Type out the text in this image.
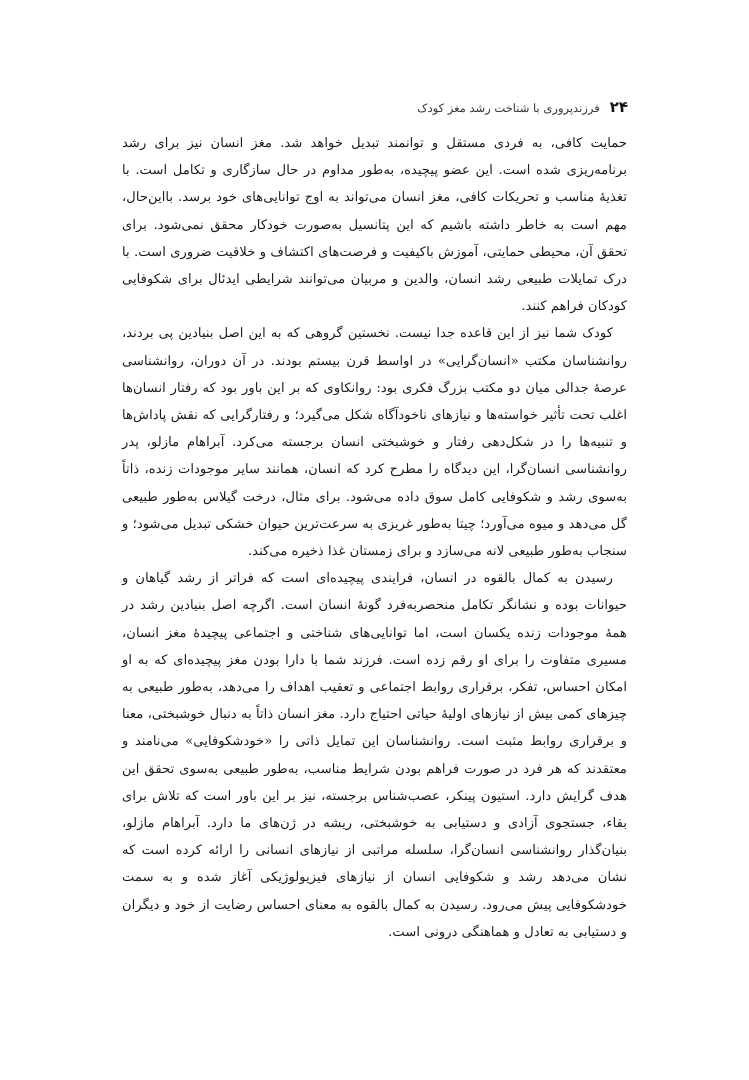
۲۴
فرزندپروری با شناخت رشد مغز کودک

حمایت کافی، به فردی مستقل و توانمند تبدیل خواهد شد. مغز انسان نیز برای رشد برنامه‌ریزی شده است. این عضو پیچیده، به‌طور مداوم در حال سازگاری و تکامل است. با تغذیهٔ مناسب و تحریکات کافی، مغز انسان می‌تواند به اوج توانایی‌های خود برسد. بااین‌حال، مهم است به خاطر داشته باشیم که این پتانسیل به‌صورت خودکار محقق نمی‌شود. برای تحقق آن، محیطی حمایتی، آموزش باکیفیت و فرصت‌های اکتشاف و خلاقیت ضروری است. با درک تمایلات طبیعی رشد انسان، والدین و مربیان می‌توانند شرایطی ایدئال برای شکوفایی کودکان فراهم کنند.

کودک شما نیز از این قاعده جدا نیست. نخستین گروهی که به این اصل بنیادین پی بردند، روانشناسان مکتب «انسان‌گرایی» در اواسط قرن بیستم بودند. در آن دوران، روانشناسی عرصهٔ جدالی میان دو مکتب بزرگ فکری بود: روانکاوی که بر این باور بود که رفتار انسان‌ها اغلب تحت تأثیر خواسته‌ها و نیازهای ناخودآگاه شکل می‌گیرد؛ و رفتارگرایی که نقش پاداش‌ها و تنبیه‌ها را در شکل‌دهی رفتار و خوشبختی انسان برجسته می‌کرد. آبراهام مازلو، پدر روانشناسی انسان‌گرا، این دیدگاه را مطرح کرد که انسان، همانند سایر موجودات زنده، ذاتاً به‌سوی رشد و شکوفایی کامل سوق داده می‌شود. برای مثال، درخت گیلاس به‌طور طبیعی گل می‌دهد و میوه می‌آورد؛ چیتا به‌طور غریزی به سرعت‌ترین حیوان خشکی تبدیل می‌شود؛ و سنجاب به‌طور طبیعی لانه می‌سازد و برای زمستان غذا ذخیره می‌کند.

رسیدن به کمال بالقوه در انسان، فرایندی پیچیده‌ای است که فراتر از رشد گیاهان و حیوانات بوده و نشانگر تکامل منحصربه‌فرد گونهٔ انسان است. اگرچه اصل بنیادین رشد در همهٔ موجودات زنده یکسان است، اما توانایی‌های شناختی و اجتماعی پیچیدهٔ مغز انسان، مسیری متفاوت را برای او رقم زده است. فرزند شما با دارا بودن مغز پیچیده‌ای که به او امکان احساس، تفکر، برقراری روابط اجتماعی و تعقیب اهداف را می‌دهد، به‌طور طبیعی به چیزهای کمی بیش از نیازهای اولیهٔ حیاتی احتیاج دارد. مغز انسان ذاتاً به دنبال خوشبختی، معنا و برقراری روابط مثبت است. روانشناسان این تمایل ذاتی را «خودشکوفایی» می‌نامند و معتقدند که هر فرد در صورت فراهم بودن شرایط مناسب، به‌طور طبیعی به‌سوی تحقق این هدف گرایش دارد. استیون پینکر، عصب‌شناس برجسته، نیز بر این باور است که تلاش برای بقاء، جستجوی آزادی و دستیابی به خوشبختی، ریشه در ژن‌های ما دارد. آبراهام مازلو، بنیان‌گذار روانشناسی انسان‌گرا، سلسله مراتبی از نیازهای انسانی را ارائه کرده است که نشان می‌دهد رشد و شکوفایی انسان از نیازهای فیزیولوژیکی آغاز شده و به سمت خودشکوفایی پیش می‌رود. رسیدن به کمال بالقوه به معنای احساس رضایت از خود و دیگران و دستیابی به تعادل و هماهنگی درونی است.
